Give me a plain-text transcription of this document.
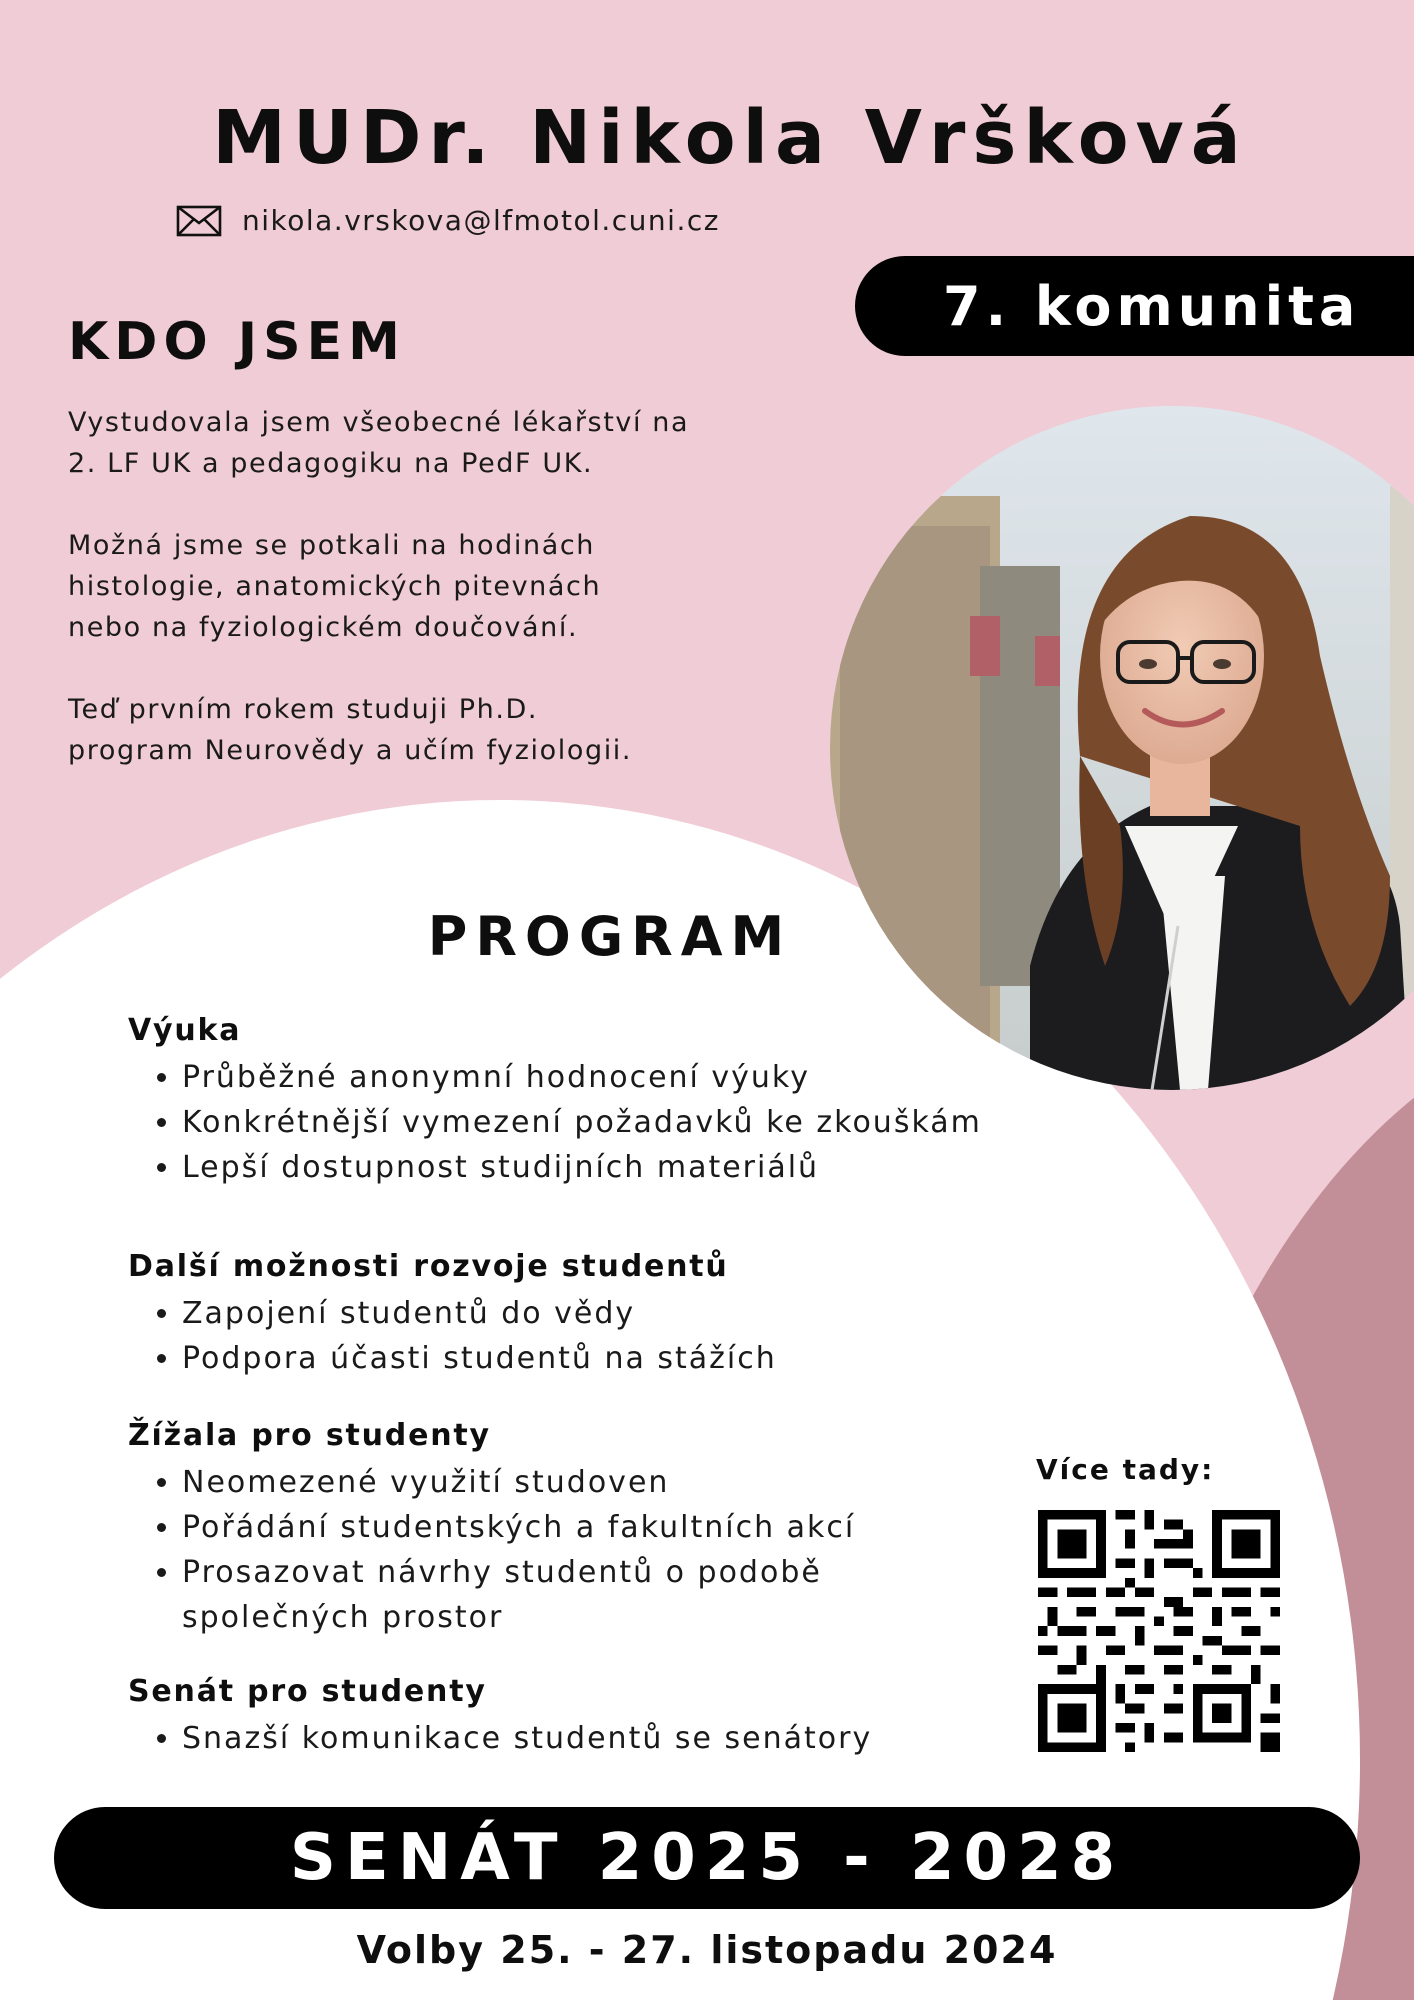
MUDr. Nikola Vršková
nikola.vrskova@lfmotol.cuni.cz
7. komunita
KDO JSEM

Vystudovala jsem všeobecné lékařství na
2. LF UK a pedagogiku na PedF UK.

Možná jsme se potkali na hodinách
histologie, anatomických pitevnách
nebo na fyziologickém doučování.

Teď prvním rokem studuji Ph.D.
program Neurovědy a učím fyziologii.

PROGRAM
Výuka
• Průběžné anonymní hodnocení výuky
• Konkrétnější vymezení požadavků ke zkouškám
• Lepší dostupnost studijních materiálů
Další možnosti rozvoje studentů
• Zapojení studentů do vědy
• Podpora účasti studentů na stážích
Žížala pro studenty
• Neomezené využití studoven
• Pořádání studentských a fakultních akcí
• Prosazovat návrhy studentů o podobě společných prostor
Senát pro studenty
• Snazší komunikace studentů se senátory
Více tady:
SENÁT 2025 - 2028
Volby 25. - 27. listopadu 2024
